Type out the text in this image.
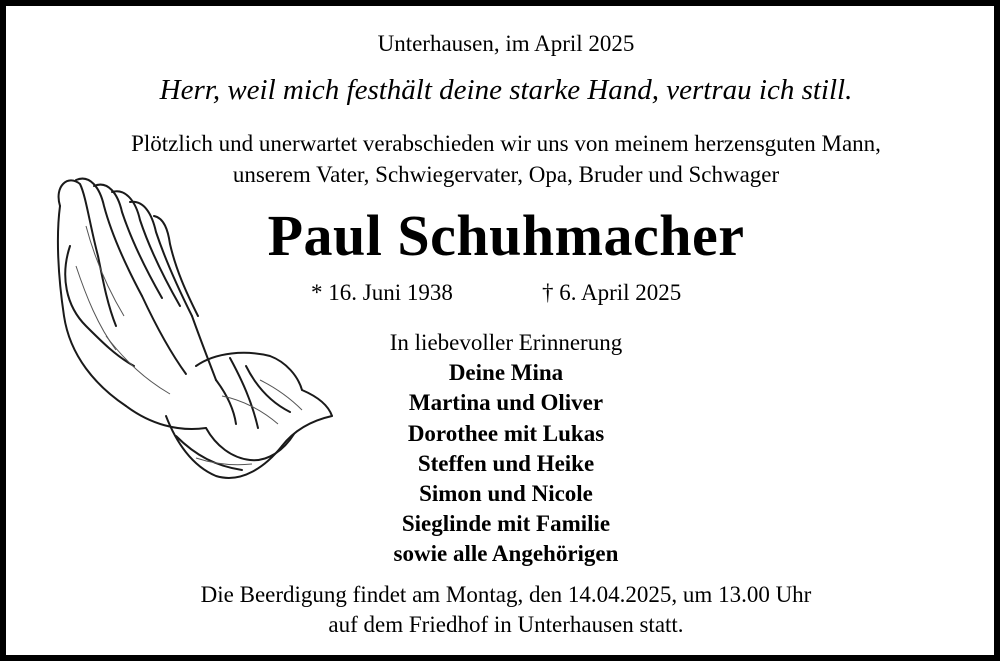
Unterhausen, im April 2025
Herr, weil mich festhält deine starke Hand, vertrau ich still.
Plötzlich und unerwartet verabschieden wir uns von meinem herzensguten Mann,
unserem Vater, Schwiegervater, Opa, Bruder und Schwager
Paul Schuhmacher
* 16. Juni 1938	† 6. April 2025
In liebevoller Erinnerung
Deine Mina
Martina und Oliver
Dorothee mit Lukas
Steffen und Heike
Simon und Nicole
Sieglinde mit Familie
sowie alle Angehörigen
Die Beerdigung findet am Montag, den 14.04.2025, um 13.00 Uhr
auf dem Friedhof in Unterhausen statt.
